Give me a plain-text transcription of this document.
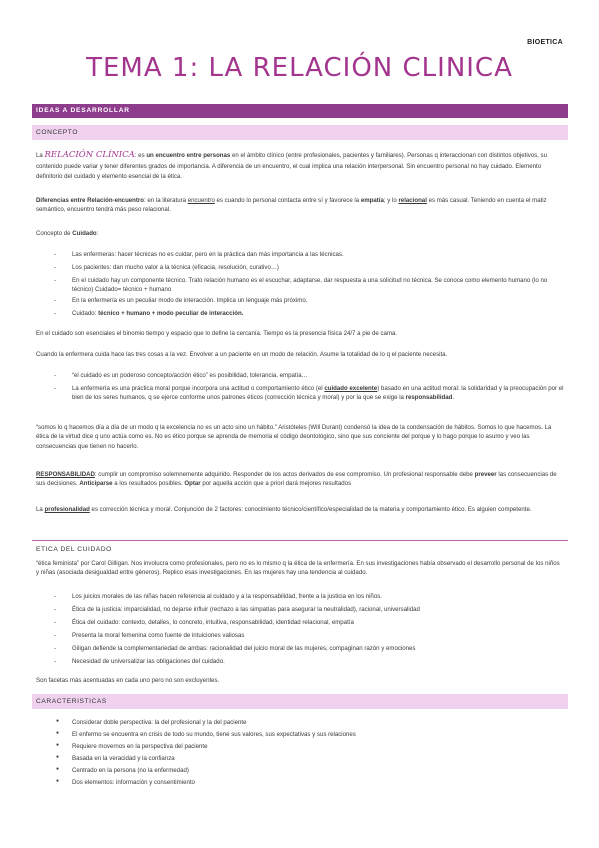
BIOETICA
TEMA 1: LA RELACIÓN CLINICA
IDEAS A DESARROLLAR
CONCEPTO
La RELACIÓN CLÍNICA: es un encuentro entre personas en el ámbito clínico (entre profesionales, pacientes y familiares). Personas q interaccionan con distintos objetivos, su contenido puede variar y tener diferentes grados de importancia. A diferencia de un encuentro, el cual implica una relación interpersonal. Sin encuentro personal no hay cuidado. Elemento definitorio del cuidado y elemento esencial de la ética.
Diferencias entre Relación-encuentro: en la literatura encuentro es cuando lo personal contacta entre sí y favorece la empatía; y lo relacional es más casual. Teniendo en cuenta el matiz semántico, encuentro tendrá más peso relacional.
Concepto de Cuidado:
-	Las enfermeras: hacer técnicas no es cuidar, pero en la práctica dan más importancia a las técnicas.
-	Los pacientes: dan mucho valor a la técnica (eficacia, resolución, curativo…)
-	En el cuidado hay un componente técnico. Trato relación humano es el escuchar, adaptarse, dar respuesta a una solicitud no técnica. Se conoce como elemento humano (lo no técnico) Cuidado= técnico + humano
-	En la enfermería es un peculiar modo de interacción. Implica un lenguaje más próximo.
-	Cuidado: técnico + humano + modo peculiar de interacción.
En el cuidado son esenciales el binomio tiempo y espacio que lo define la cercanía. Tiempo es la presencia física 24/7 a pie de cama.
Cuando la enfermera cuida hace las tres cosas a la vez. Envolver a un paciente en un modo de relación. Asume la totalidad de lo q el paciente necesita.
-	“el cuidado es un poderoso concepto/acción ético” es posibilidad, tolerancia, empatía…
-	La enfermería es una práctica moral porque incorpora una actitud o comportamiento ético (el cuidado excelente) basado en una actitud moral: la solidaridad y la preocupación por el bien de los seres humanos, q se ejerce conforme unos patrones éticos (corrección técnica y moral) y por la que se exige la responsabilidad.
“somos lo q hacemos día a día de un modo q la excelencia no es un acto sino un hábito.” Aristóteles (Will Durant) condensó la idea de la condensación de hábitos. Somos lo que hacemos. La ética de la virtud dice q uno actúa como es. No es ético porque se aprenda de memoria el código deontológico, sino que sus conciente del porque y lo hago porque lo asumo y veo las consecuencias que tienen no hacerlo.
RESPONSABILIDAD: cumplir un compromiso solemnemente adquirido. Responder de los actos derivados de ese compromiso. Un profesional responsable debe preveer las consecuencias de sus decisiones. Anticiparse a los resultados posibles. Optar por aquella acción que a priori dará mejores resultados
La profesionalidad es corrección técnica y moral. Conjunción de 2 factores: conocimiento técnico/científico/especialidad de la materia y comportamiento ético. Es alguien competente.
ETICA DEL CUIDADO
“ética feminista” por Carol Gilligan. Nos involucra como profesionales, pero no es lo mismo q la ética de la enfermería. En sus investigaciones había observado el desarrollo personal de los niños y niñas (asociada desigualdad entre géneros). Replico esas investigaciones. En las mujeres hay una tendencia al cuidado.
-	Los juicios morales de las niñas hacen referencia al cuidado y a la responsabilidad, frente a la justicia en los niños.
-	Ética de la justicia: imparcialidad, no dejarse influir (rechazo a las simpatías para asegurar la neutralidad), racional, universalidad
-	Ética del cuidado: contexto, detalles, lo concreto, intuitiva, responsabilidad, identidad relacional, empatía
-	Presenta la moral femenina como fuente de intuiciones valiosas
-	Giligan defiende la complementariedad de ambas: racionalidad del juicio moral de las mujeres, compaginan razón y emociones
-	Necesidad de universalizar las obligaciones del cuidado.
Son facetas más acentuadas en cada uno pero no son excluyentes.
CARACTERISTICAS
● Considerar doble perspectiva: la del profesional y la del paciente
● El enfermo se encuentra en crisis de todo su mundo, tiene sus valores, sus expectativas y sus relaciones
● Requiere movernos en la perspectiva del paciente
● Basada en la veracidad y la confianza
● Centrado en la persona (no la enfermedad)
● Dos elementos: información y consentimiento
